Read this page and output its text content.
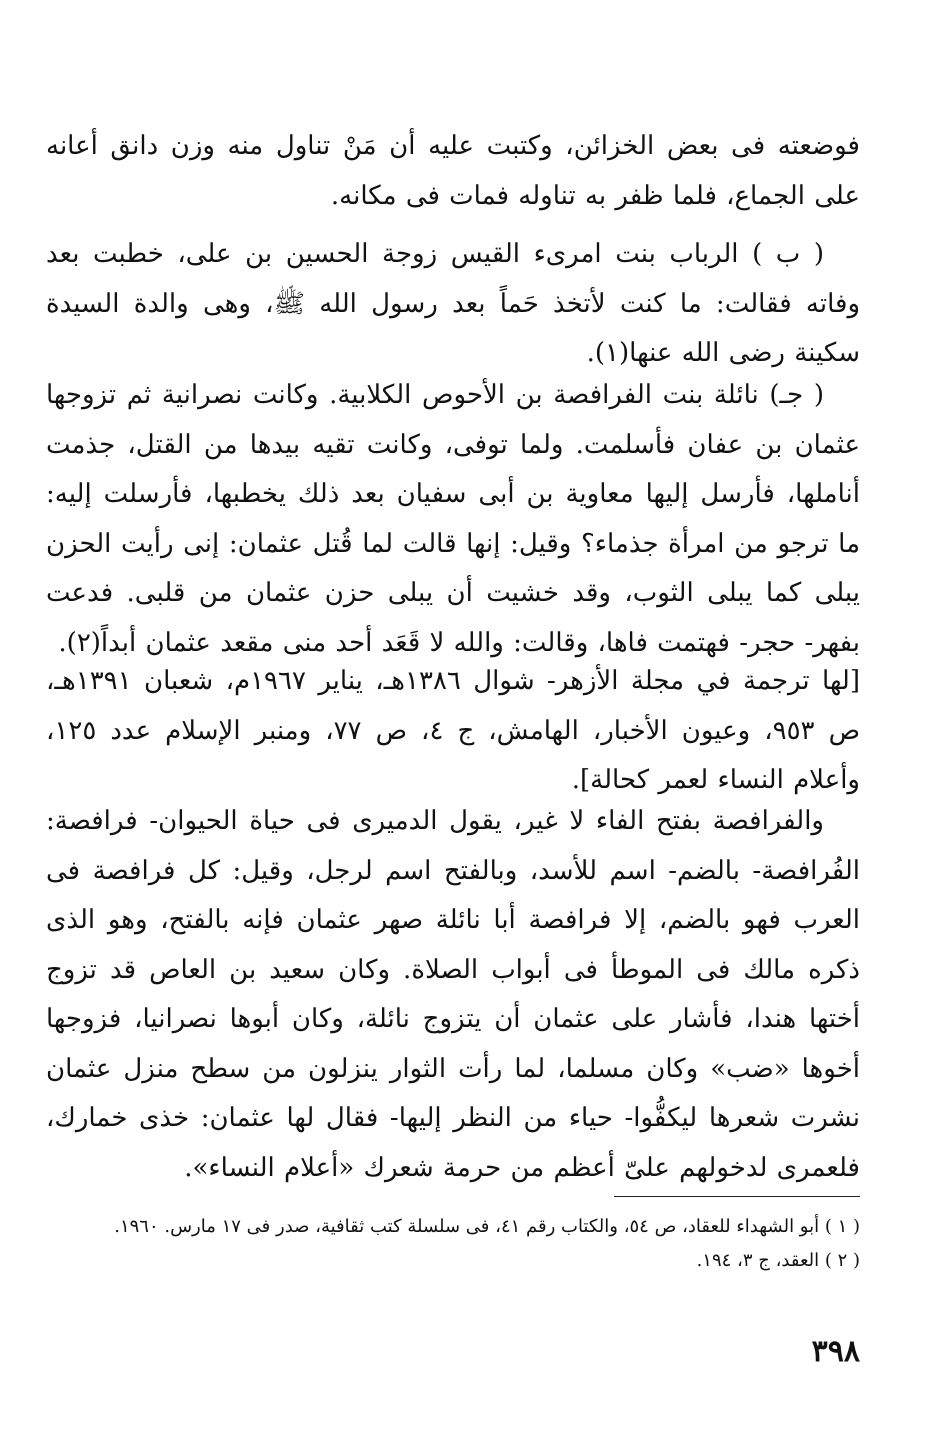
فوضعته فى بعض الخزائن، وكتبت عليه أن مَنْ تناول منه وزن دانق أعانه على الجماع، فلما ظفر به تناوله فمات فى مكانه.

( ب ) الرباب بنت امرىء القيس زوجة الحسين بن على، خطبت بعد وفاته فقالت: ما كنت لأتخذ حَماً بعد رسول الله ﷺ، وهى والدة السيدة سكينة رضى الله عنها(١).

( جـ) نائلة بنت الفرافصة بن الأحوص الكلابية. وكانت نصرانية ثم تزوجها عثمان بن عفان فأسلمت. ولما توفى، وكانت تقيه بيدها من القتل، جذمت أناملها، فأرسل إليها معاوية بن أبى سفيان بعد ذلك يخطبها، فأرسلت إليه: ما ترجو من امرأة جذماء؟ وقيل: إنها قالت لما قُتل عثمان: إنى رأيت الحزن يبلى كما يبلى الثوب، وقد خشيت أن يبلى حزن عثمان من قلبى. فدعت بفهر- حجر- فهتمت فاها، وقالت: والله لا قَعَد أحد منى مقعد عثمان أبداً(٢).

[لها ترجمة في مجلة الأزهر- شوال ١٣٨٦هـ، يناير ١٩٦٧م، شعبان ١٣٩١هـ، ص ٩٥٣، وعيون الأخبار، الهامش، ج ٤، ص ٧٧، ومنبر الإسلام عدد ١٢٥، وأعلام النساء لعمر كحالة].

والفرافصة بفتح الفاء لا غير، يقول الدميرى فى حياة الحيوان- فرافصة: الفُرافصة- بالضم- اسم للأسد، وبالفتح اسم لرجل، وقيل: كل فرافصة فى العرب فهو بالضم، إلا فرافصة أبا نائلة صهر عثمان فإنه بالفتح، وهو الذى ذكره مالك فى الموطأ فى أبواب الصلاة. وكان سعيد بن العاص قد تزوج أختها هندا، فأشار على عثمان أن يتزوج نائلة، وكان أبوها نصرانيا، فزوجها أخوها «ضب» وكان مسلما، لما رأت الثوار ينزلون من سطح منزل عثمان نشرت شعرها ليكفُّوا- حياء من النظر إليها- فقال لها عثمان: خذى خمارك، فلعمرى لدخولهم علىّ أعظم من حرمة شعرك «أعلام النساء».

( ١ ) أبو الشهداء للعقاد، ص ٥٤، والكتاب رقم ٤١، فى سلسلة كتب ثقافية، صدر فى ١٧ مارس. ١٩٦٠.

( ٢ ) العقد، ج ٣، ١٩٤.

٣٩٨
